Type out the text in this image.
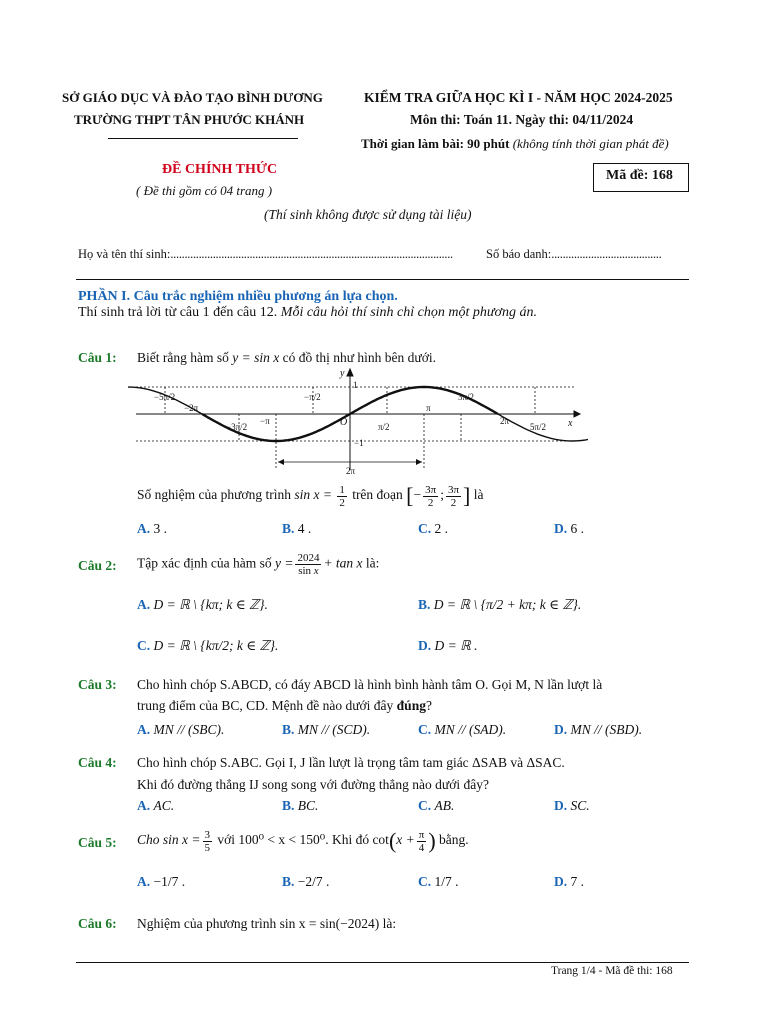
SỞ GIÁO DỤC VÀ ĐÀO TẠO BÌNH DƯƠNG
TRƯỜNG THPT TÂN PHƯỚC KHÁNH
KIỂM TRA GIỮA HỌC KÌ I - NĂM HỌC 2024-2025
Môn thi: Toán 11. Ngày thi: 04/11/2024
Thời gian làm bài: 90 phút (không tính thời gian phát đề)
ĐỀ CHÍNH THỨC
( Đề thi gồm có 04 trang )
Mã đề: 168
(Thí sinh không được sử dụng tài liệu)
Họ và tên thí sinh:....................................................................................................	Số báo danh:.......................................
PHẦN I. Câu trắc nghiệm nhiều phương án lựa chọn.
Thí sinh trả lời từ câu 1 đến câu 12. Mỗi câu hỏi thí sinh chỉ chọn một phương án.
Câu 1: Biết rằng hàm số y = sin x có đồ thị như hình bên dưới.
y
x
O
1
−1
2π
−5π/2
−2π
−π/2
π
3π/2
−3π/2
−π
π/2
2π
5π/2
Số nghiệm của phương trình $\sin x = \frac{1}{2}$ trên đoạn [− $\frac{3\pi}{2}$ ; $\frac{3\pi}{2}$ ] là
A. 3 .	B. 4 .	C. 2 .	D. 6 .
Câu 2: Tập xác định của hàm số $y = \frac{2024}{\text{sin x}} + \tan x$ là:
A. D = ℝ \ {kπ; k ∈ ℤ}.	B. D = ℝ \ {π/2 + kπ; k ∈ ℤ}.
C. D = ℝ \ {kπ/2; k ∈ ℤ}.	D. D = ℝ .
Câu 3: Cho hình chóp S.ABCD, có đáy ABCD là hình bình hành tâm O. Gọi M, N lần lượt là
trung điểm của BC, CD. Mệnh đề nào dưới đây đúng?
A. MN // (SBC).	B. MN // (SCD).	C. MN // (SAD).	D. MN // (SBD).
Câu 4: Cho hình chóp S.ABC. Gọi I, J lần lượt là trọng tâm tam giác ΔSAB và ΔSAC.
Khi đó đường thẳng IJ song song với đường thẳng nào dưới đây?
A. AC.	B. BC.	C. AB.	D. SC.
Câu 5: Cho $\sin x = \frac{3}{5}$ với 100⁰ < x < 150⁰. Khi đó $\cot(x + \frac{\pi}{4}$ ) bằng.
A. −1/7 .	B. −2/7 .	C. 1/7 .	D. 7 .
Câu 6: Nghiệm của phương trình sin x = sin(−2024) là:
Trang 1/4 - Mã đề thi: 168
